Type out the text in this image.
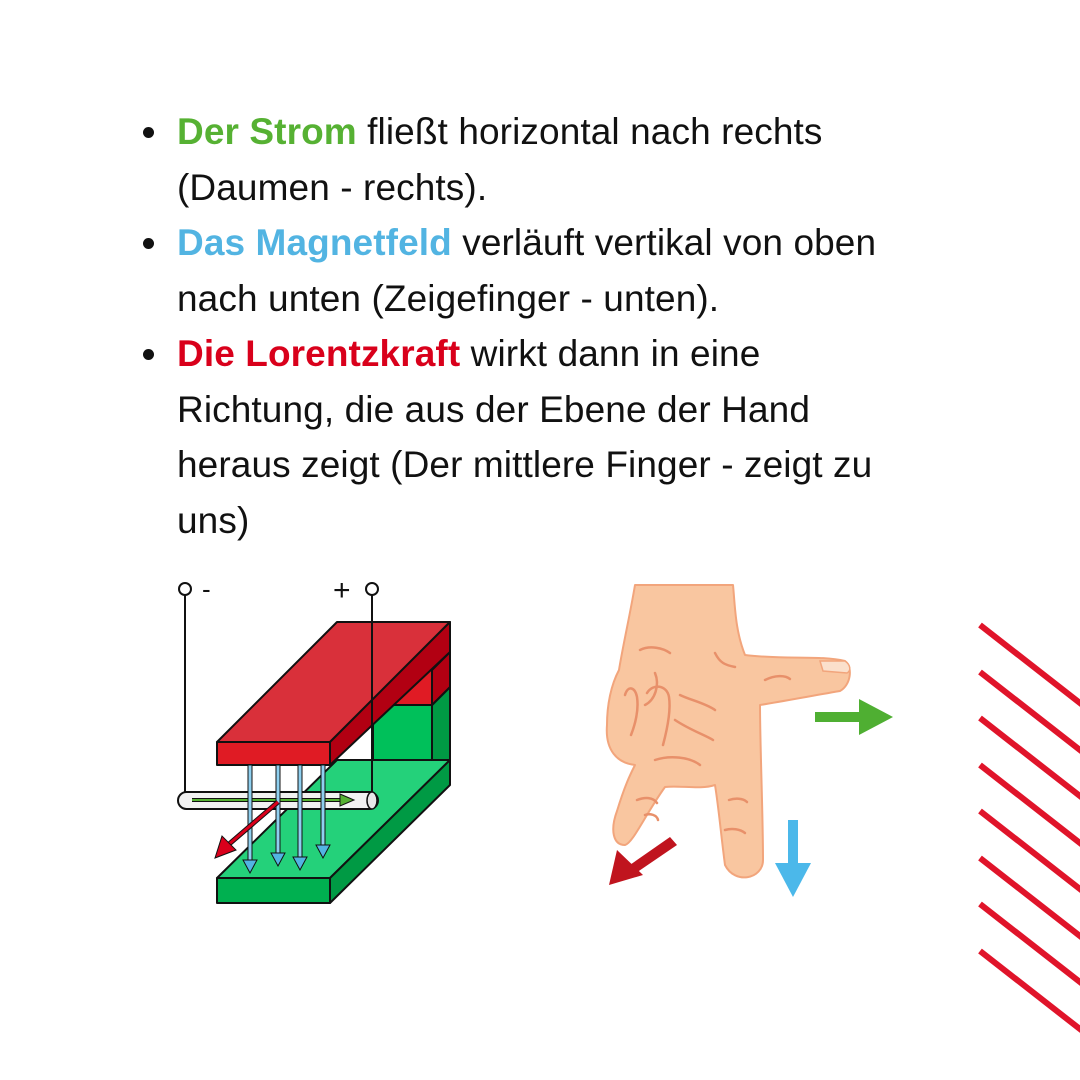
Der Strom fließt horizontal nach rechts (Daumen - rechts).
Das Magnetfeld verläuft vertikal von oben nach unten (Zeigefinger - unten).
Die Lorentzkraft wirkt dann in eine Richtung, die aus der Ebene der Hand heraus zeigt (Der mittlere Finger - zeigt zu uns)
-	+
